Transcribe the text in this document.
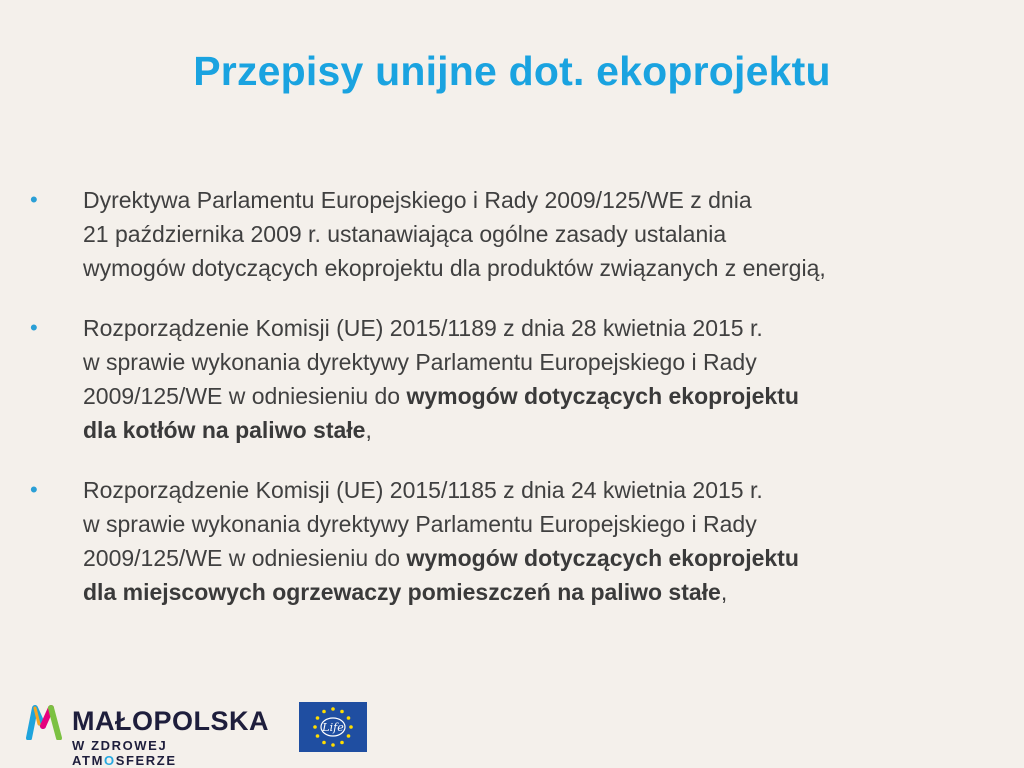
Przepisy unijne dot. ekoprojektu
•	Dyrektywa Parlamentu Europejskiego i Rady 2009/125/WE z dnia
21 października 2009 r. ustanawiająca ogólne zasady ustalania
wymogów dotyczących ekoprojektu dla produktów związanych z energią,
•	Rozporządzenie Komisji (UE) 2015/1189 z dnia 28 kwietnia 2015 r.
w sprawie wykonania dyrektywy Parlamentu Europejskiego i Rady
2009/125/WE w odniesieniu do wymogów dotyczących ekoprojektu
dla kotłów na paliwo stałe,
•	Rozporządzenie Komisji (UE) 2015/1185 z dnia 24 kwietnia 2015 r.
w sprawie wykonania dyrektywy Parlamentu Europejskiego i Rady
2009/125/WE w odniesieniu do wymogów dotyczących ekoprojektu
dla miejscowych ogrzewaczy pomieszczeń na paliwo stałe,
MAŁOPOLSKA
W ZDROWEJ ATMOSFERZE
Life
